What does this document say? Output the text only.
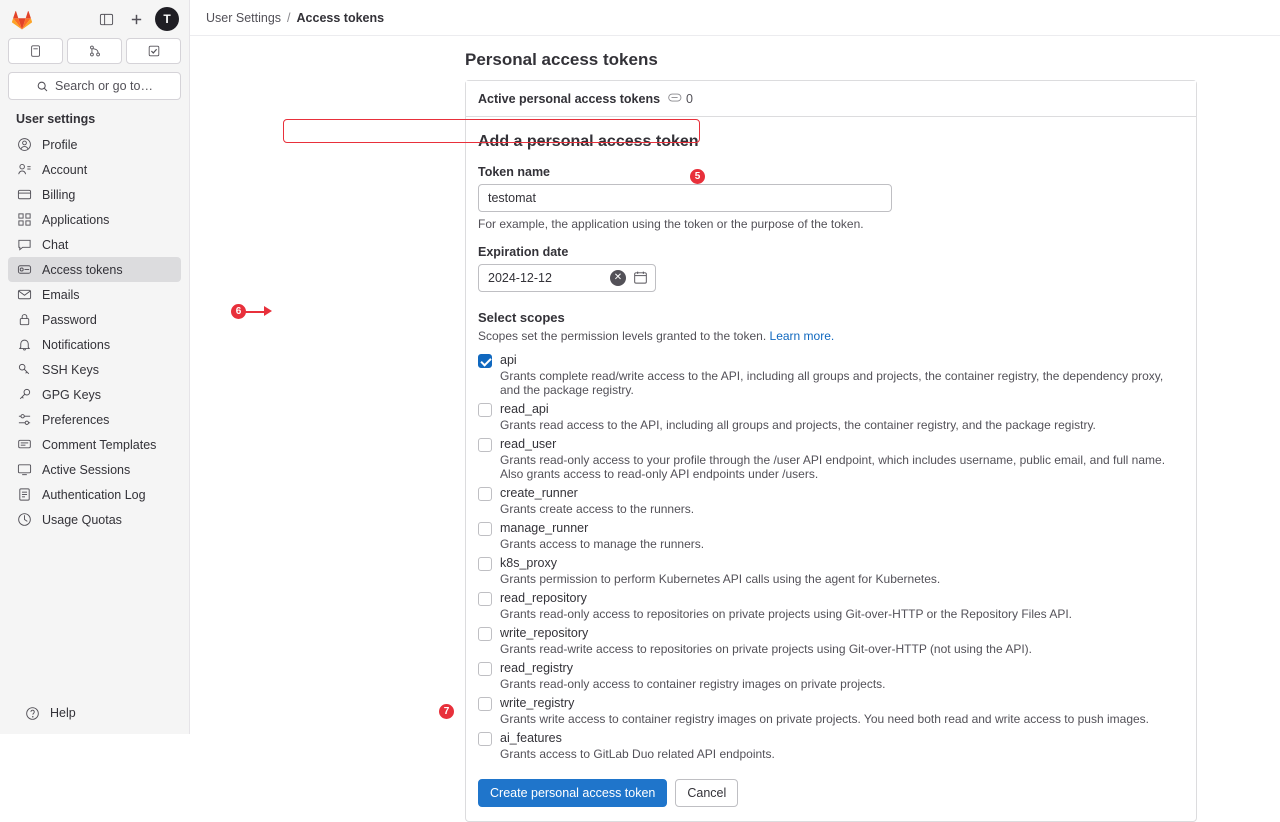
T
Search or go to…
User settings
Profile
Account
Billing
Applications
Chat
Access tokens
Emails
Password
Notifications
SSH Keys
GPG Keys
Preferences
Comment Templates
Active Sessions
Authentication Log
Usage Quotas
Help
User Settings / Access tokens
Personal access tokens
Active personal access tokens 0
Add a personal access token
Token name
testomat
For example, the application using the token or the purpose of the token.
Expiration date
2024-12-12
✕
Select scopes
Scopes set the permission levels granted to the token. Learn more.
api
Grants complete read/write access to the API, including all groups and projects, the container registry, the dependency proxy, and the package registry.
read_api
Grants read access to the API, including all groups and projects, the container registry, and the package registry.
read_user
Grants read-only access to your profile through the /user API endpoint, which includes username, public email, and full name. Also grants access to read-only API endpoints under /users.
create_runner
Grants create access to the runners.
manage_runner
Grants access to manage the runners.
k8s_proxy
Grants permission to perform Kubernetes API calls using the agent for Kubernetes.
read_repository
Grants read-only access to repositories on private projects using Git-over-HTTP or the Repository Files API.
write_repository
Grants read-write access to repositories on private projects using Git-over-HTTP (not using the API).
read_registry
Grants read-only access to container registry images on private projects.
write_registry
Grants write access to container registry images on private projects. You need both read and write access to push images.
ai_features
Grants access to GitLab Duo related API endpoints.
Create personal access token	Cancel
5
6
7
